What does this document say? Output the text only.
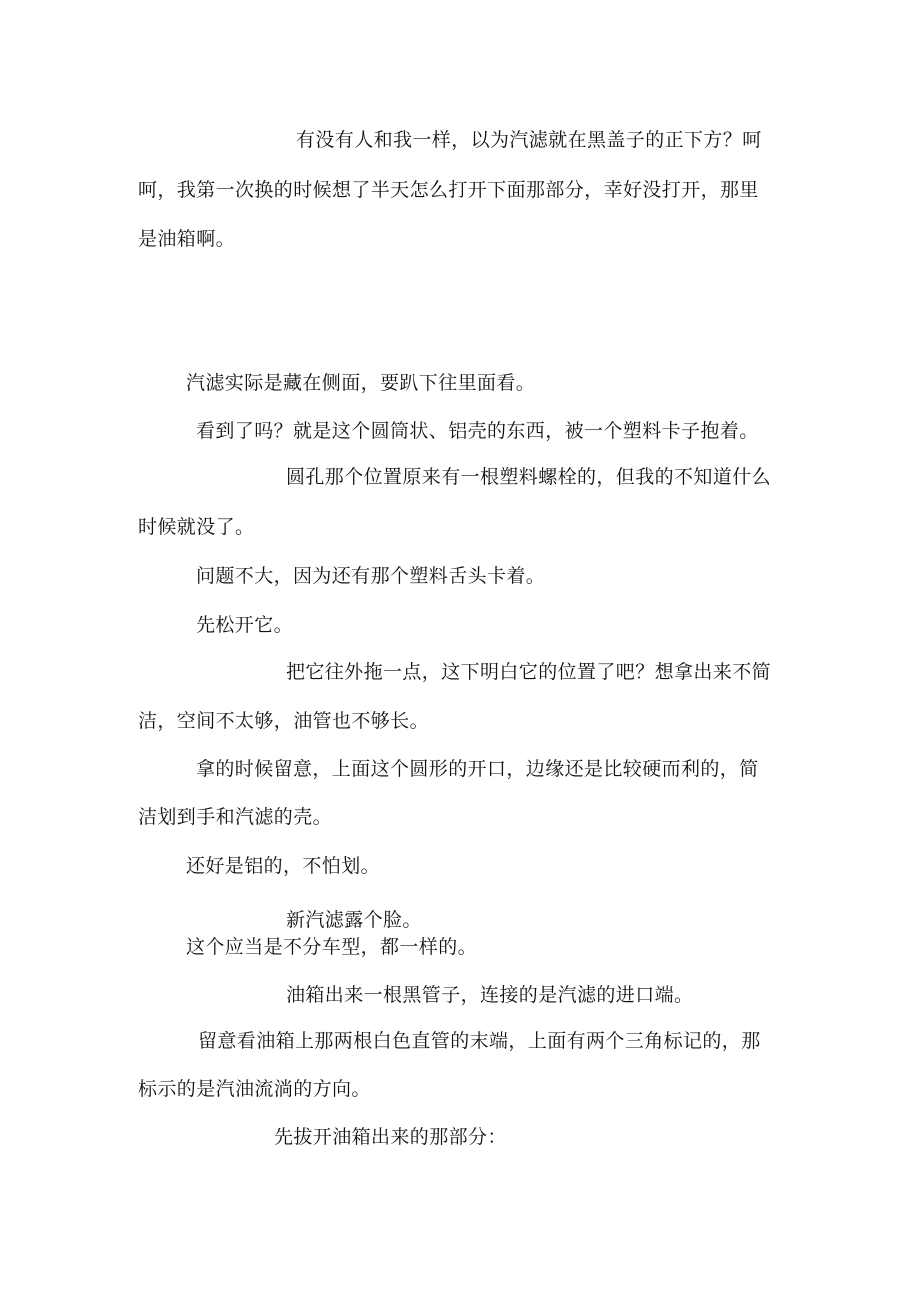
有没有人和我一样，以为汽滤就在黑盖子的正下方？呵

呵，我第一次换的时候想了半天怎么打开下面那部分，幸好没打开，那里

是油箱啊。

汽滤实际是藏在侧面，要趴下往里面看。

看到了吗？就是这个圆筒状、铝壳的东西，被一个塑料卡子抱着。

圆孔那个位置原来有一根塑料螺栓的，但我的不知道什么

时候就没了。

问题不大，因为还有那个塑料舌头卡着。

先松开它。

把它往外拖一点，这下明白它的位置了吧？想拿出来不简

洁，空间不太够，油管也不够长。

拿的时候留意，上面这个圆形的开口，边缘还是比较硬而利的，简

洁划到手和汽滤的壳。

还好是铝的，不怕划。

新汽滤露个脸。

这个应当是不分车型，都一样的。

油箱出来一根黑管子，连接的是汽滤的进口端。

留意看油箱上那两根白色直管的末端，上面有两个三角标记的，那

标示的是汽油流淌的方向。

先拔开油箱出来的那部分：
